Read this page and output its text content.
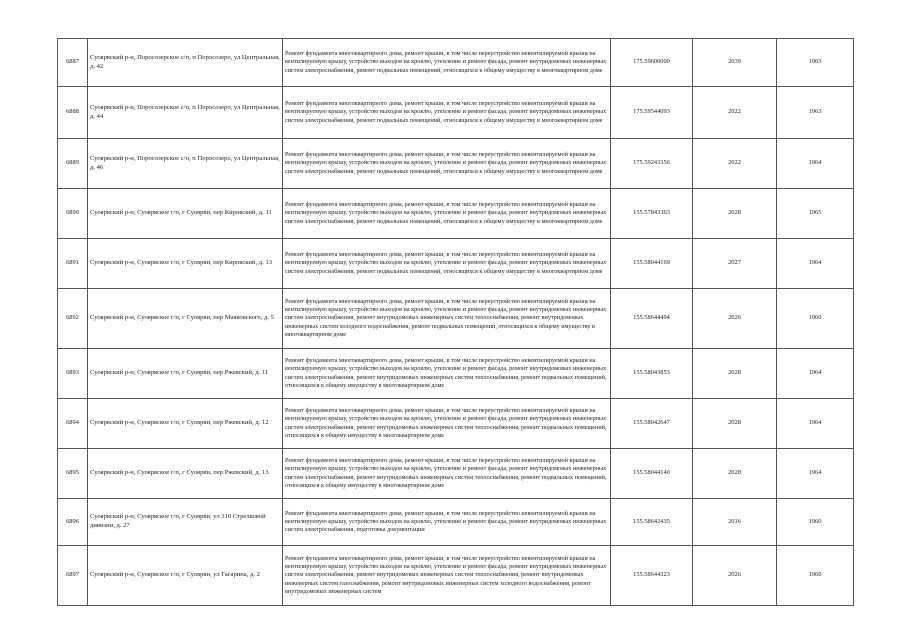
6887	Суоярвский р-н, Поросозерское с/п, п Поросозеро, ул Центральная, д. 42	Ремонт фундамента многоквартирного дома, ремонт крыши, в том числе переустройство невентилируемой крыши на вентилируемую крышу, устройство выходов на кровлю, утепление и ремонт фасада, ремонт внутридомовых инженерных систем электроснабжения, ремонт подвальных помещений, относящихся к общему имуществу в многоквартирном доме	175.59600000	2039	1963
6888	Суоярвский р-н, Поросозерское с/п, п Поросозеро, ул Центральная, д. 44	Ремонт фундамента многоквартирного дома, ремонт крыши, в том числе переустройство невентилируемой крыши на вентилируемую крышу, устройство выходов на кровлю, утепление и ремонт фасада, ремонт внутридомовых инженерных систем электроснабжения, ремонт подвальных помещений, относящихся к общему имуществу в многоквартирном доме	175.59544093	2022	1963
6889	Суоярвский р-н, Поросозерское с/п, п Поросозеро, ул Центральная, д. 46	Ремонт фундамента многоквартирного дома, ремонт крыши, в том числе переустройство невентилируемой крыши на вентилируемую крышу, устройство выходов на кровлю, утепление и ремонт фасада, ремонт внутридомовых инженерных систем электроснабжения, ремонт подвальных помещений, относящихся к общему имуществу в многоквартирном доме	175.59243356	2022	1964
6890	Суоярвский р-н, Суоярвское г/п, г Суоярви, пер Кировский, д. 11	Ремонт фундамента многоквартирного дома, ремонт крыши, в том числе переустройство невентилируемой крыши на вентилируемую крышу, устройство выходов на кровлю, утепление и ремонт фасада, ремонт внутридомовых инженерных систем электроснабжения, ремонт подвальных помещений, относящихся к общему имуществу в многоквартирном доме	155.57843363	2028	1965
6891	Суоярвский р-н, Суоярвское г/п, г Суоярви, пер Кировский, д. 13	Ремонт фундамента многоквартирного дома, ремонт крыши, в том числе переустройство невентилируемой крыши на вентилируемую крышу, устройство выходов на кровлю, утепление и ремонт фасада, ремонт внутридомовых инженерных систем электроснабжения, ремонт подвальных помещений, относящихся к общему имуществу в многоквартирном доме	155.58044169	2027	1964
6892	Суоярвский р-н, Суоярвское г/п, г Суоярви, пер Маяковского, д. 5	Ремонт фундамента многоквартирного дома, ремонт крыши, в том числе переустройство невентилируемой крыши на вентилируемую крышу, устройство выходов на кровлю, утепление и ремонт фасада, ремонт внутридомовых инженерных систем электроснабжения, ремонт внутридомовых инженерных систем теплоснабжения, ремонт внутридомовых инженерных систем холодного водоснабжения, ремонт подвальных помещений, относящихся к общему имуществу в многоквартирном доме	155.58644494	2026	1960
6893	Суоярвский р-н, Суоярвское г/п, г Суоярви, пер Ржевский, д. 11	Ремонт фундамента многоквартирного дома, ремонт крыши, в том числе переустройство невентилируемой крыши на вентилируемую крышу, устройство выходов на кровлю, утепление и ремонт фасада, ремонт внутридомовых инженерных систем электроснабжения, ремонт внутридомовых инженерных систем теплоснабжения, ремонт подвальных помещений, относящихся к общему имуществу в многоквартирном доме	155.58043853	2028	1964
6894	Суоярвский р-н, Суоярвское г/п, г Суоярви, пер Ржевский, д. 12	Ремонт фундамента многоквартирного дома, ремонт крыши, в том числе переустройство невентилируемой крыши на вентилируемую крышу, устройство выходов на кровлю, утепление и ремонт фасада, ремонт внутридомовых инженерных систем электроснабжения, ремонт внутридомовых инженерных систем теплоснабжения, ремонт подвальных помещений, относящихся к общему имуществу в многоквартирном доме	155.58042647	2028	1964
6895	Суоярвский р-н, Суоярвское г/п, г Суоярви, пер Ржевский, д. 13	Ремонт фундамента многоквартирного дома, ремонт крыши, в том числе переустройство невентилируемой крыши на вентилируемую крышу, устройство выходов на кровлю, утепление и ремонт фасада, ремонт внутридомовых инженерных систем электроснабжения, ремонт внутридомовых инженерных систем теплоснабжения, ремонт подвальных помещений, относящихся к общему имуществу в многоквартирном доме	155.58044140	2028	1964
6896	Суоярвский р-н, Суоярвское г/п, г Суоярви, ул 310 Стрелковой дивизии, д. 27	Ремонт фундамента многоквартирного дома, ремонт крыши, в том числе переустройство невентилируемой крыши на вентилируемую крышу, устройство выходов на кровлю, утепление и ремонт фасада, ремонт внутридомовых инженерных систем электроснабжения, подготовка документации	155.58642435	2016	1960
6897	Суоярвский р-н, Суоярвское г/п, г Суоярви, ул Гагарина, д. 2	Ремонт фундамента многоквартирного дома, ремонт крыши, в том числе переустройство невентилируемой крыши на вентилируемую крышу, устройство выходов на кровлю, утепление и ремонт фасада, ремонт внутридомовых инженерных систем электроснабжения, ремонт внутридомовых инженерных систем теплоснабжения, ремонт внутридомовых инженерных систем газоснабжения, ремонт внутридомовых инженерных систем холодного водоснабжения, ремонт внутридомовых инженерных систем	155.58644323	2026	1960
